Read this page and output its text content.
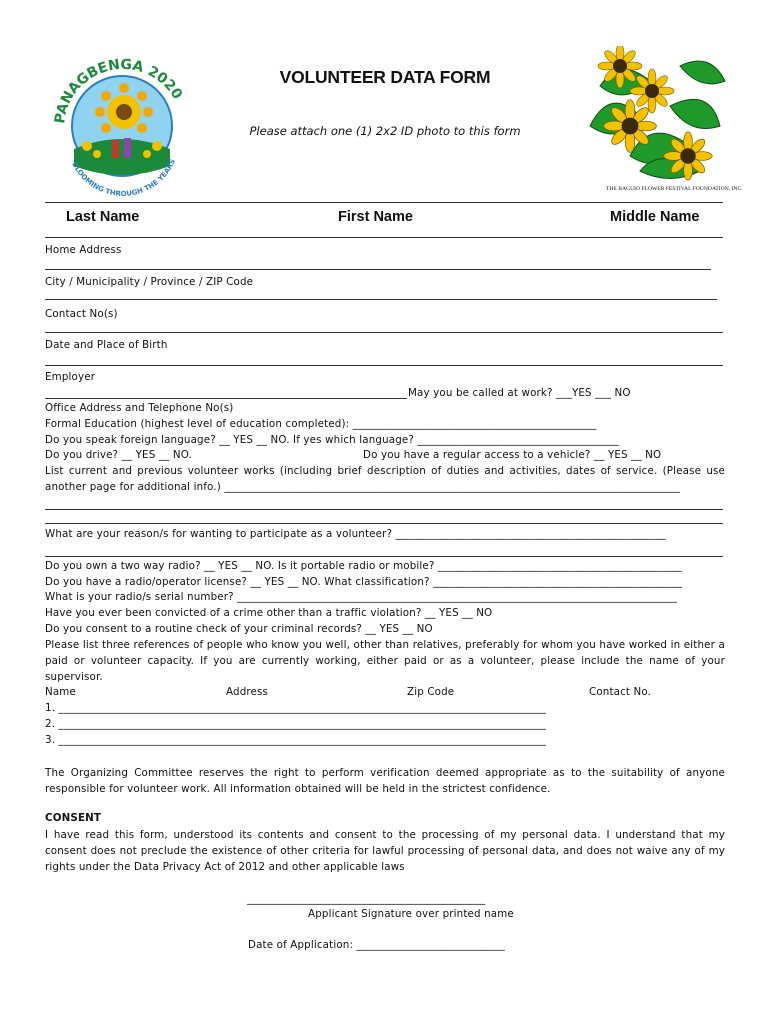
PANAGBENGA 2020
BLOOMING THROUGH THE YEARS
THE BAGUIO FLOWER FESTIVAL FOUNDATION, INC.
VOLUNTEER DATA FORM
Please attach one (1) 2x2 ID photo to this form
Last Name	First Name	Middle Name
Home Address
City / Municipality / Province / ZIP Code
Contact No(s)
Date and Place of Birth
Employer
May you be called at work? ___YES ___ NO
Office Address and Telephone No(s)
Formal Education (highest level of education completed): ______________________________________________
Do you speak foreign language? __ YES __ NO. If yes which language? ______________________________________
Do you drive? __ YES __ NO.	Do you have a regular access to a vehicle? __ YES __ NO
List current and previous volunteer works (including brief description of duties and activities, dates of service. (Please use another page for additional info.) ______________________________________________________________________________________
What are your reason/s for wanting to participate as a volunteer? ___________________________________________________
Do you own a two way radio? __ YES __ NO. Is it portable radio or mobile? ______________________________________________
Do you have a radio/operator license? __ YES __ NO. What classification? _______________________________________________
What is your radio/s serial number? ___________________________________________________________________________________
Have you ever been convicted of a crime other than a traffic violation? __ YES __ NO
Do you consent to a routine check of your criminal records? __ YES __ NO
Please list three references of people who know you well, other than relatives, preferably for whom you have worked in either a paid or volunteer capacity. If you are currently working, either paid or as a volunteer, please include the name of your supervisor.
Name	Address	Zip Code	Contact No.
1. ____________________________________________________________________________________________
2. ____________________________________________________________________________________________
3. ____________________________________________________________________________________________
The Organizing Committee reserves the right to perform verification deemed appropriate as to the suitability of anyone responsible for volunteer work. All information obtained will be held in the strictest confidence.
CONSENT
I have read this form, understood its contents and consent to the processing of my personal data. I understand that my consent does not preclude the existence of other criteria for lawful processing of personal data, and does not waive any of my rights under the Data Privacy Act of 2012 and other applicable laws
_____________________________________________
Applicant Signature over printed name
Date of Application: ____________________________
